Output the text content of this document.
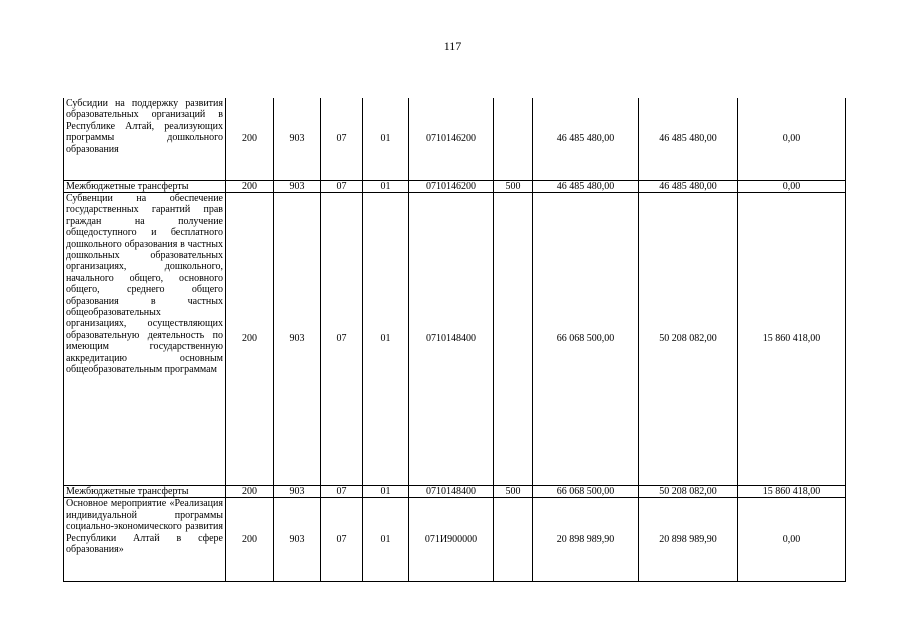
117
Субсидии на поддержку развития образовательных организаций в Республике Алтай, реализующих программы дошкольного образования	200	903	07	01	0710146200		46 485 480,00	46 485 480,00	0,00
Межбюджетные трансферты	200	903	07	01	0710146200	500	46 485 480,00	46 485 480,00	0,00
Субвенции на обеспечение государственных гарантий прав граждан на получение общедоступного и бесплатного дошкольного образования в частных дошкольных образовательных организациях, дошкольного, начального общего, основного общего, среднего общего образования в частных общеобразовательных организациях, осуществляющих образовательную деятельность по имеющим государственную аккредитацию основным общеобразовательным программам	200	903	07	01	0710148400		66 068 500,00	50 208 082,00	15 860 418,00
Межбюджетные трансферты	200	903	07	01	0710148400	500	66 068 500,00	50 208 082,00	15 860 418,00
Основное мероприятие «Реализация индивидуальной программы социально-экономического развития Республики Алтай в сфере образования»	200	903	07	01	071И900000		20 898 989,90	20 898 989,90	0,00
